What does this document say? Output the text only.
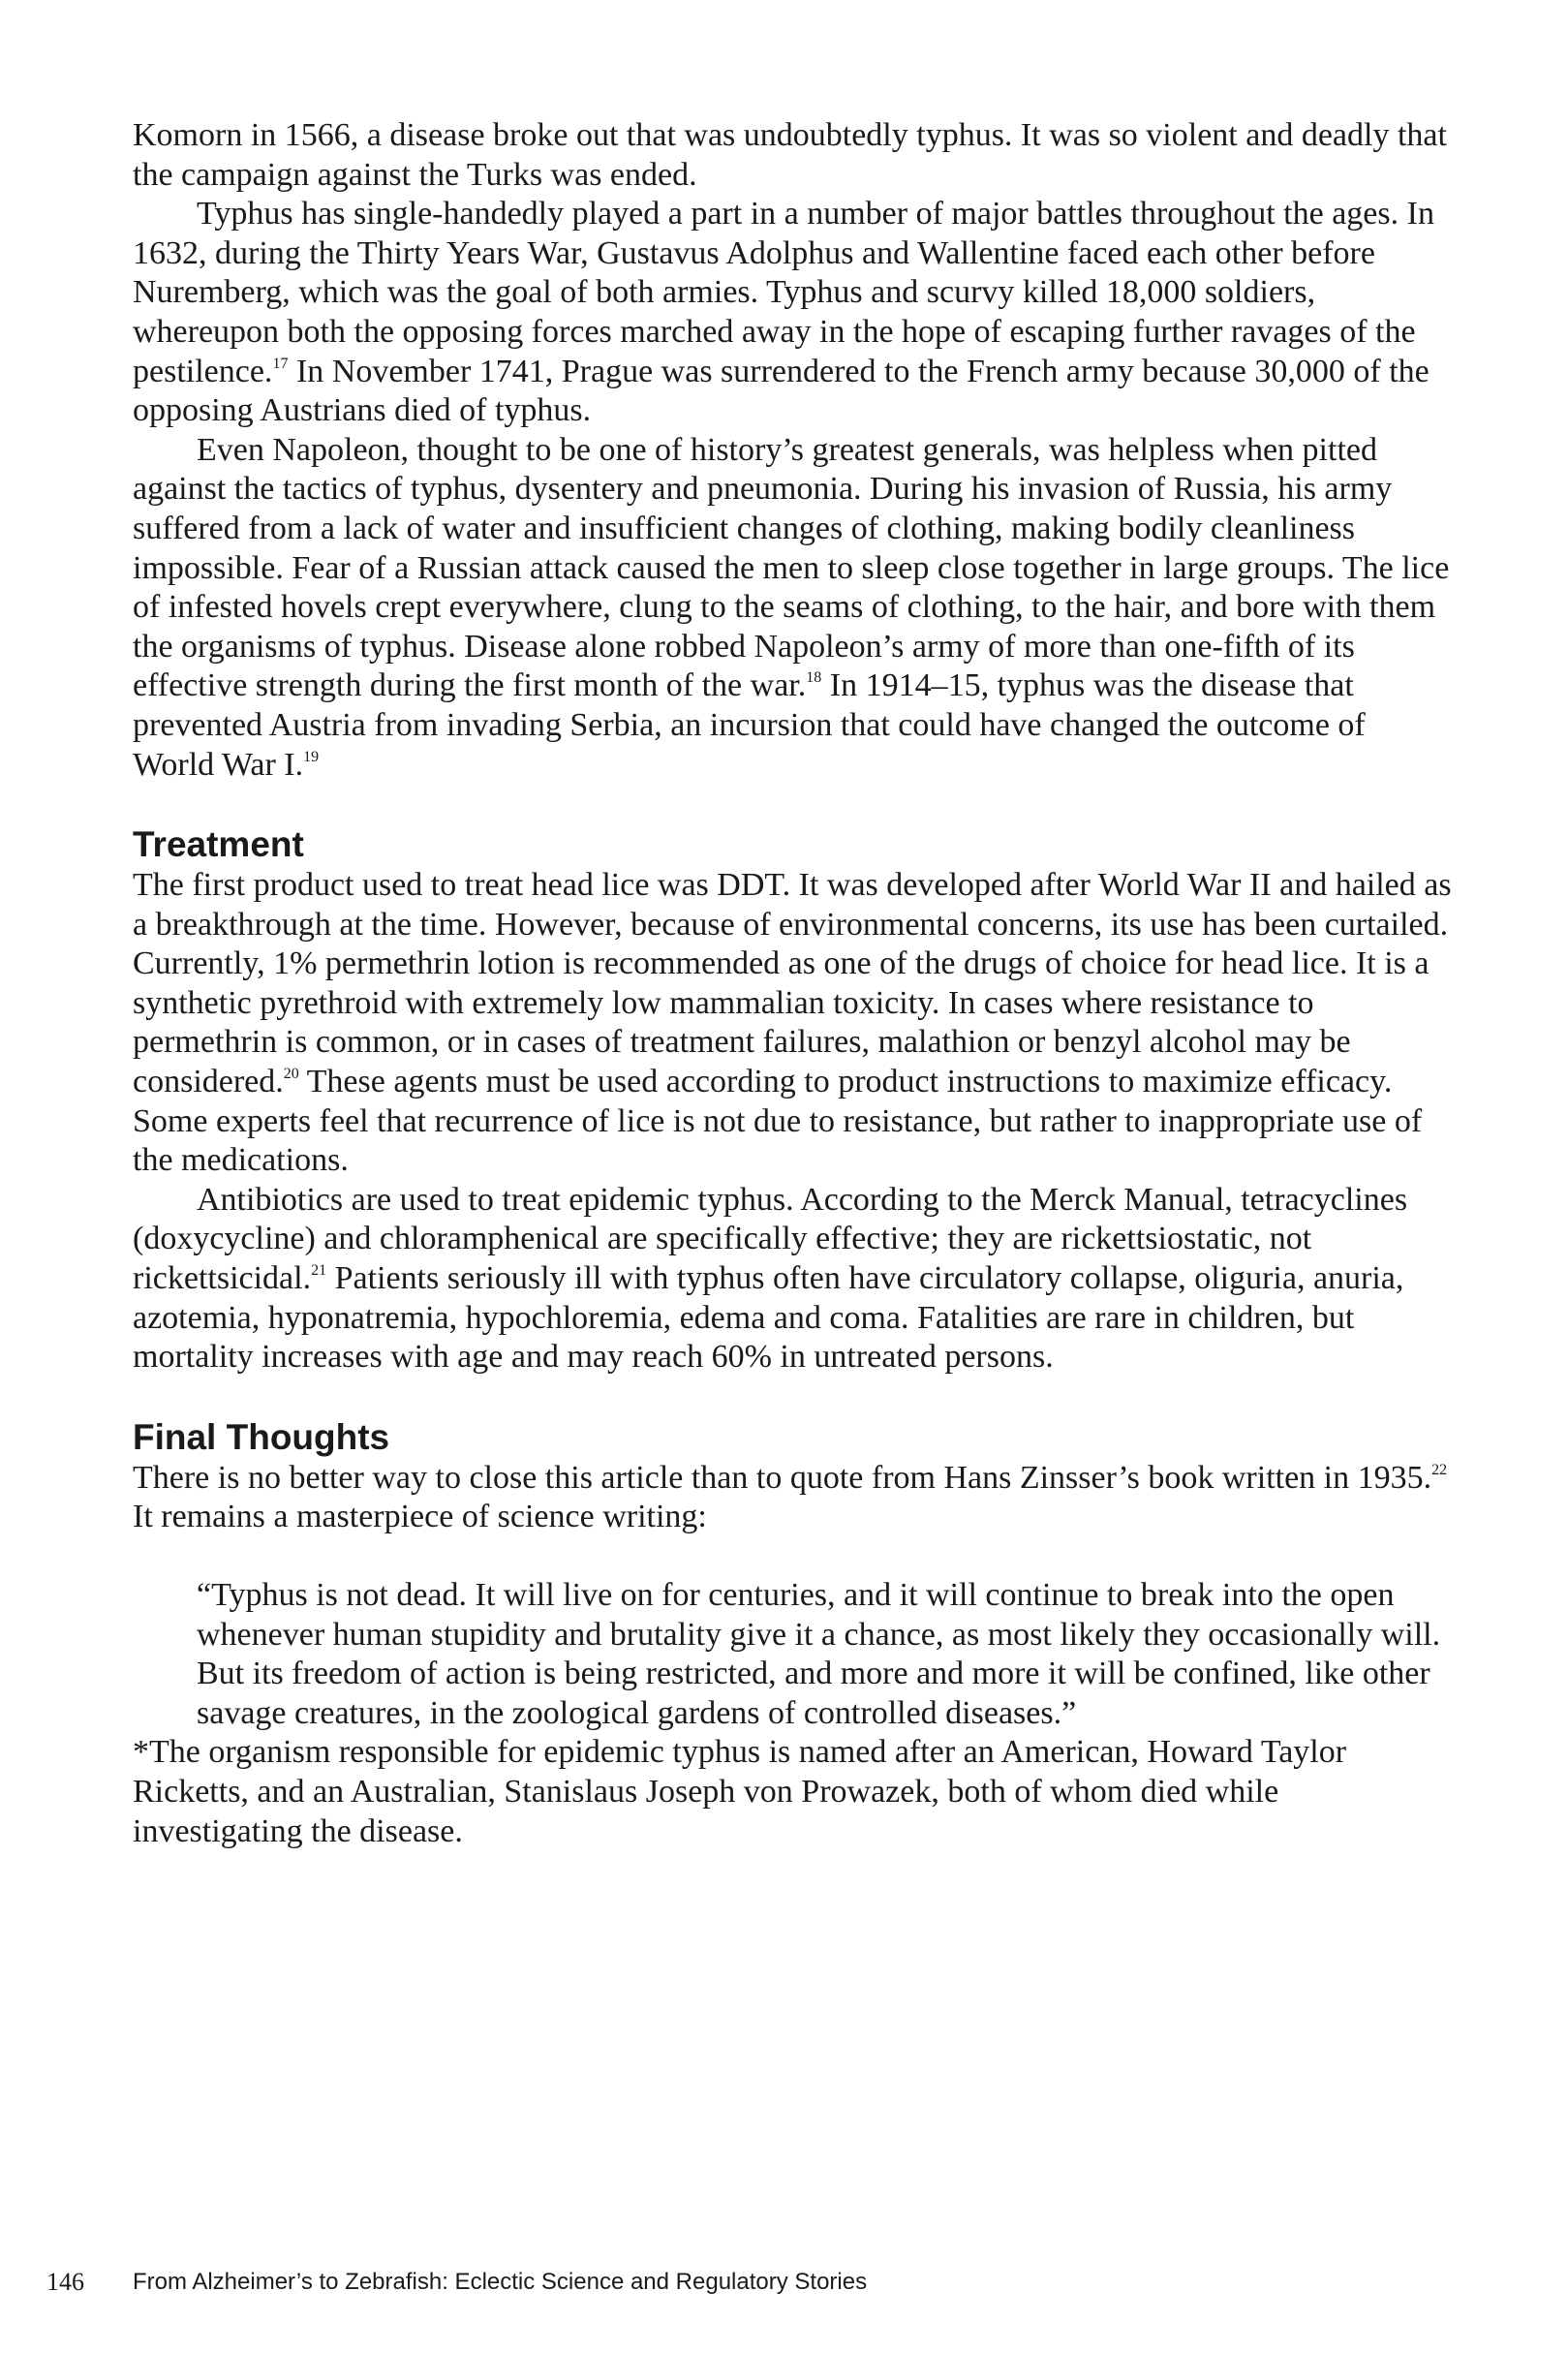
Komorn in 1566, a disease broke out that was undoubtedly typhus. It was so violent and deadly that the campaign against the Turks was ended.

Typhus has single-handedly played a part in a number of major battles throughout the ages. In 1632, during the Thirty Years War, Gustavus Adolphus and Wallentine faced each other before Nuremberg, which was the goal of both armies. Typhus and scurvy killed 18,000 soldiers, whereupon both the opposing forces marched away in the hope of escaping further ravages of the pestilence.$^{17}$ In November 1741, Prague was surrendered to the French army because 30,000 of the opposing Austrians died of typhus.

Even Napoleon, thought to be one of history’s greatest generals, was helpless when pitted against the tactics of typhus, dysentery and pneumonia. During his invasion of Russia, his army suffered from a lack of water and insufficient changes of clothing, making bodily cleanliness impossible. Fear of a Russian attack caused the men to sleep close together in large groups. The lice of infested hovels crept everywhere, clung to the seams of clothing, to the hair, and bore with them the organisms of typhus. Disease alone robbed Napoleon’s army of more than one-fifth of its effective strength during the first month of the war.$^{18}$ In 1914–15, typhus was the disease that prevented Austria from invading Serbia, an incursion that could have changed the outcome of World War I.$^{19}$

Treatment

The first product used to treat head lice was DDT. It was developed after World War II and hailed as a breakthrough at the time. However, because of environmental concerns, its use has been curtailed. Currently, 1% permethrin lotion is recommended as one of the drugs of choice for head lice. It is a synthetic pyrethroid with extremely low mammalian toxicity. In cases where resistance to permethrin is common, or in cases of treatment failures, malathion or benzyl alcohol may be considered.$^{20}$ These agents must be used according to product instructions to maximize efficacy. Some experts feel that recurrence of lice is not due to resistance, but rather to inappropriate use of the medications.

Antibiotics are used to treat epidemic typhus. According to the Merck Manual, tetracyclines (doxycycline) and chloramphenical are specifically effective; they are rickettsiostatic, not rickettsicidal.$^{21}$ Patients seriously ill with typhus often have circulatory collapse, oliguria, anuria, azotemia, hyponatremia, hypochloremia, edema and coma. Fatalities are rare in children, but mortality increases with age and may reach 60% in untreated persons.

Final Thoughts

There is no better way to close this article than to quote from Hans Zinsser’s book written in 1935.22 It remains a masterpiece of science writing:

“Typhus is not dead. It will live on for centuries, and it will continue to break into the open whenever human stupidity and brutality give it a chance, as most likely they occasionally will. But its freedom of action is being restricted, and more and more it will be confined, like other savage creatures, in the zoological gardens of controlled diseases.”

*The organism responsible for epidemic typhus is named after an American, Howard Taylor Ricketts, and an Australian, Stanislaus Joseph von Prowazek, both of whom died while investigating the disease.

146 From Alzheimer’s to Zebrafish: Eclectic Science and Regulatory Stories
